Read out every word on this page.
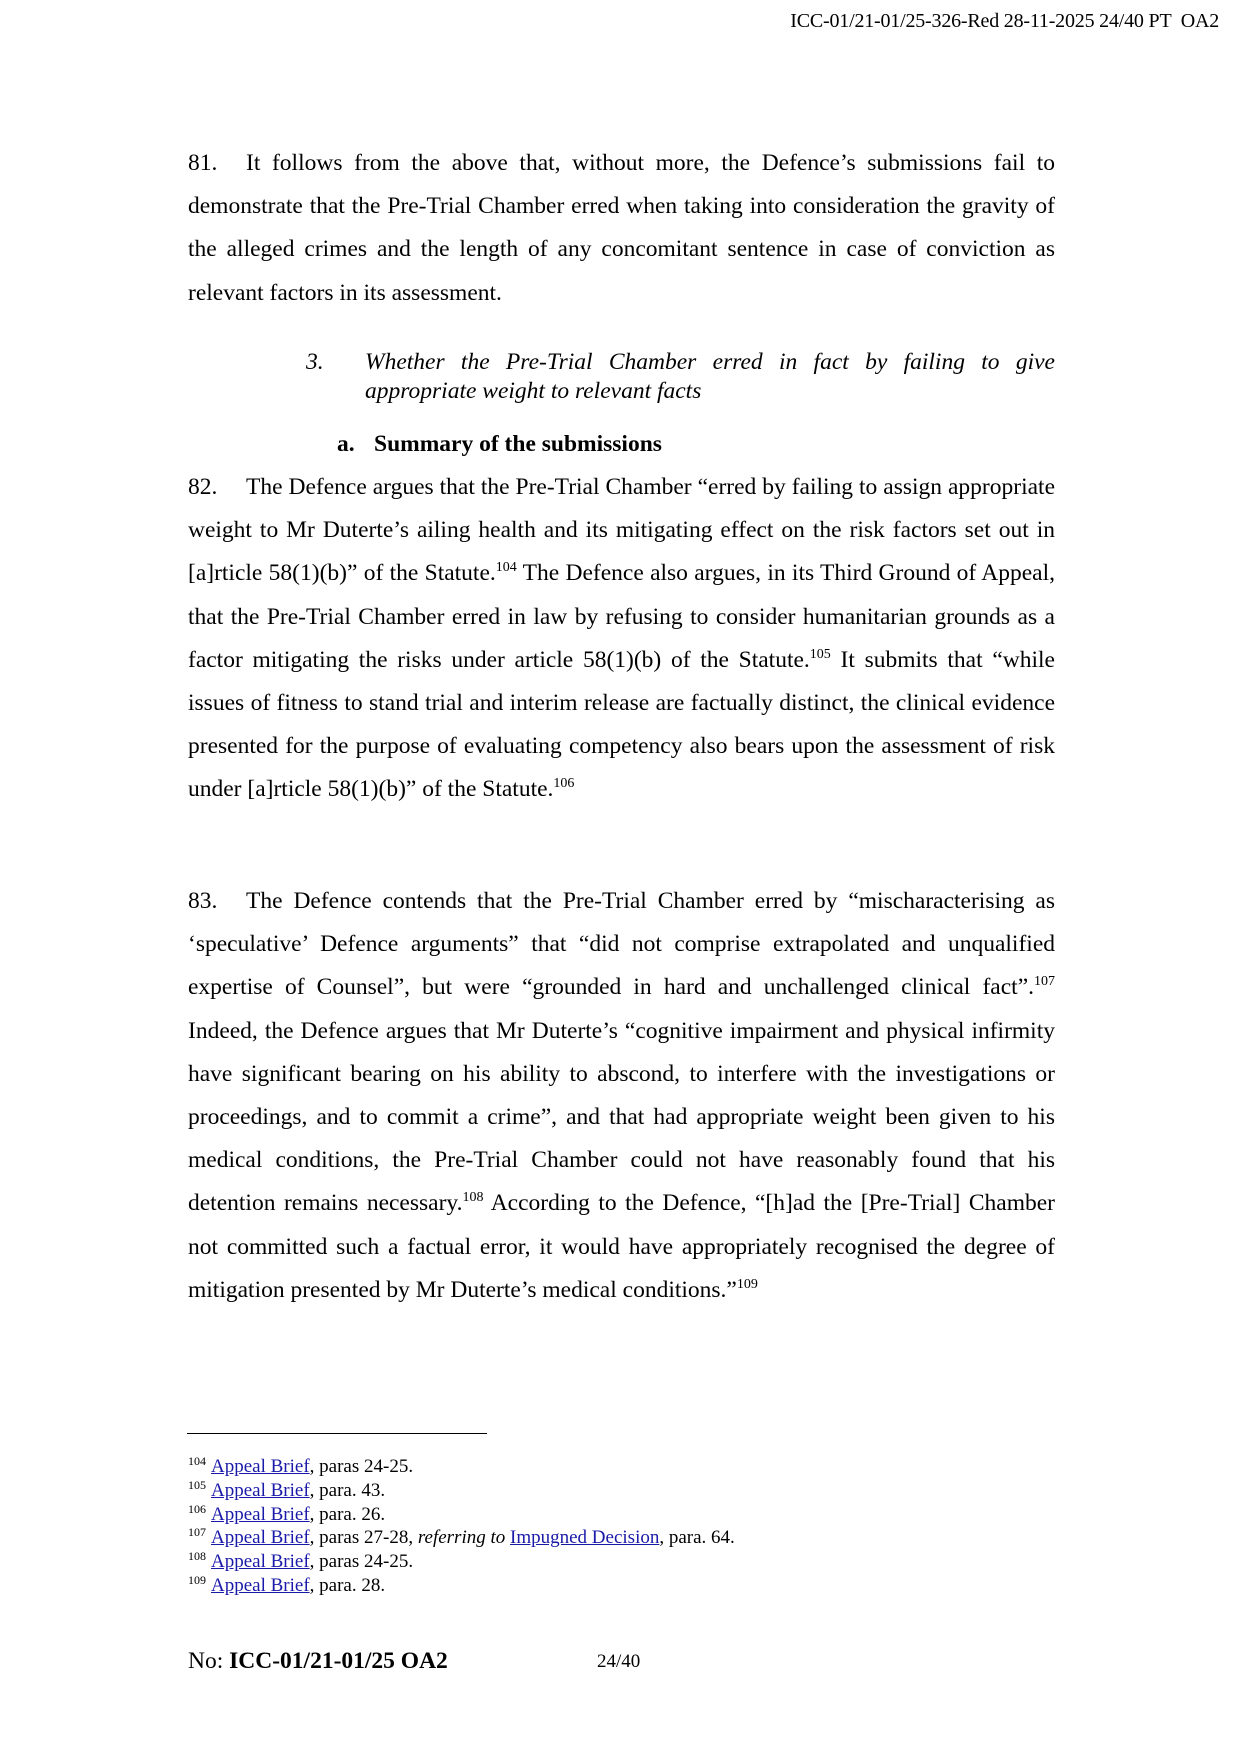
ICC-01/21-01/25-326-Red 28-11-2025 24/40 PT  OA2

81. It follows from the above that, without more, the Defence’s submissions fail to demonstrate that the Pre-Trial Chamber erred when taking into consideration the gravity of the alleged crimes and the length of any concomitant sentence in case of conviction as relevant factors in its assessment.

3. Whether the Pre-Trial Chamber erred in fact by failing to give appropriate weight to relevant facts
a. Summary of the submissions

82. The Defence argues that the Pre-Trial Chamber “erred by failing to assign appropriate weight to Mr Duterte’s ailing health and its mitigating effect on the risk factors set out in [a]rticle 58(1)(b)” of the Statute.$^{104}$ The Defence also argues, in its Third Ground of Appeal, that the Pre-Trial Chamber erred in law by refusing to consider humanitarian grounds as a factor mitigating the risks under article 58(1)(b) of the Statute.$^{105}$ It submits that “while issues of fitness to stand trial and interim release are factually distinct, the clinical evidence presented for the purpose of evaluating competency also bears upon the assessment of risk under [a]rticle 58(1)(b)” of the Statute.$^{106}$

83. The Defence contends that the Pre-Trial Chamber erred by “mischaracterising as ‘speculative’ Defence arguments” that “did not comprise extrapolated and unqualified expertise of Counsel”, but were “grounded in hard and unchallenged clinical fact”.$^{107}$ Indeed, the Defence argues that Mr Duterte’s “cognitive impairment and physical infirmity have significant bearing on his ability to abscond, to interfere with the investigations or proceedings, and to commit a crime”, and that had appropriate weight been given to his medical conditions, the Pre-Trial Chamber could not have reasonably found that his detention remains necessary.$^{108}$ According to the Defence, “[h]ad the [Pre-Trial] Chamber not committed such a factual error, it would have appropriately recognised the degree of mitigation presented by Mr Duterte’s medical conditions.”$^{109}$

$^{104}$ Appeal Brief, paras 24-25.
$^{105}$ Appeal Brief, para. 43.
$^{106}$ Appeal Brief, para. 26.
$^{107}$ Appeal Brief, paras 27-28, referring to Impugned Decision, para. 64.
$^{108}$ Appeal Brief, paras 24-25.
$^{109}$ Appeal Brief, para. 28.
No: ICC-01/21-01/25 OA2	24/40
